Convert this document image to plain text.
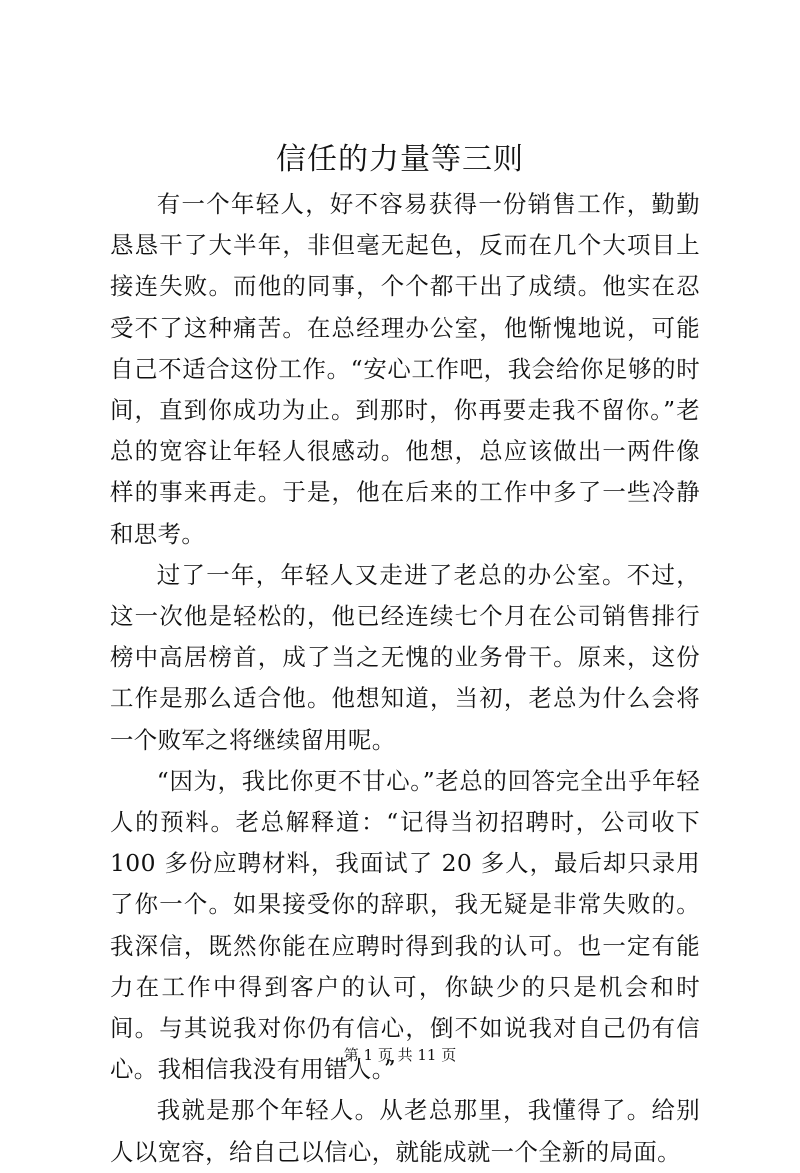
信任的力量等三则

有一个年轻人，好不容易获得一份销售工作，勤勤恳恳干了大半年，非但毫无起色，反而在几个大项目上接连失败。而他的同事，个个都干出了成绩。他实在忍受不了这种痛苦。在总经理办公室，他惭愧地说，可能自己不适合这份工作。“安心工作吧，我会给你足够的时间，直到你成功为止。到那时，你再要走我不留你。”老总的宽容让年轻人很感动。他想，总应该做出一两件像样的事来再走。于是，他在后来的工作中多了一些冷静和思考。

过了一年，年轻人又走进了老总的办公室。不过，这一次他是轻松的，他已经连续七个月在公司销售排行榜中高居榜首，成了当之无愧的业务骨干。原来，这份工作是那么适合他。他想知道，当初，老总为什么会将一个败军之将继续留用呢。

“因为，我比你更不甘心。”老总的回答完全出乎年轻人的预料。老总解释道：“记得当初招聘时，公司收下 100 多份应聘材料，我面试了 20 多人，最后却只录用了你一个。如果接受你的辞职，我无疑是非常失败的。我深信，既然你能在应聘时得到我的认可。也一定有能力在工作中得到客户的认可，你缺少的只是机会和时间。与其说我对你仍有信心，倒不如说我对自己仍有信心。我相信我没有用错人。”

我就是那个年轻人。从老总那里，我懂得了。给别人以宽容，给自己以信心，就能成就一个全新的局面。

第 1 页 共 11 页
